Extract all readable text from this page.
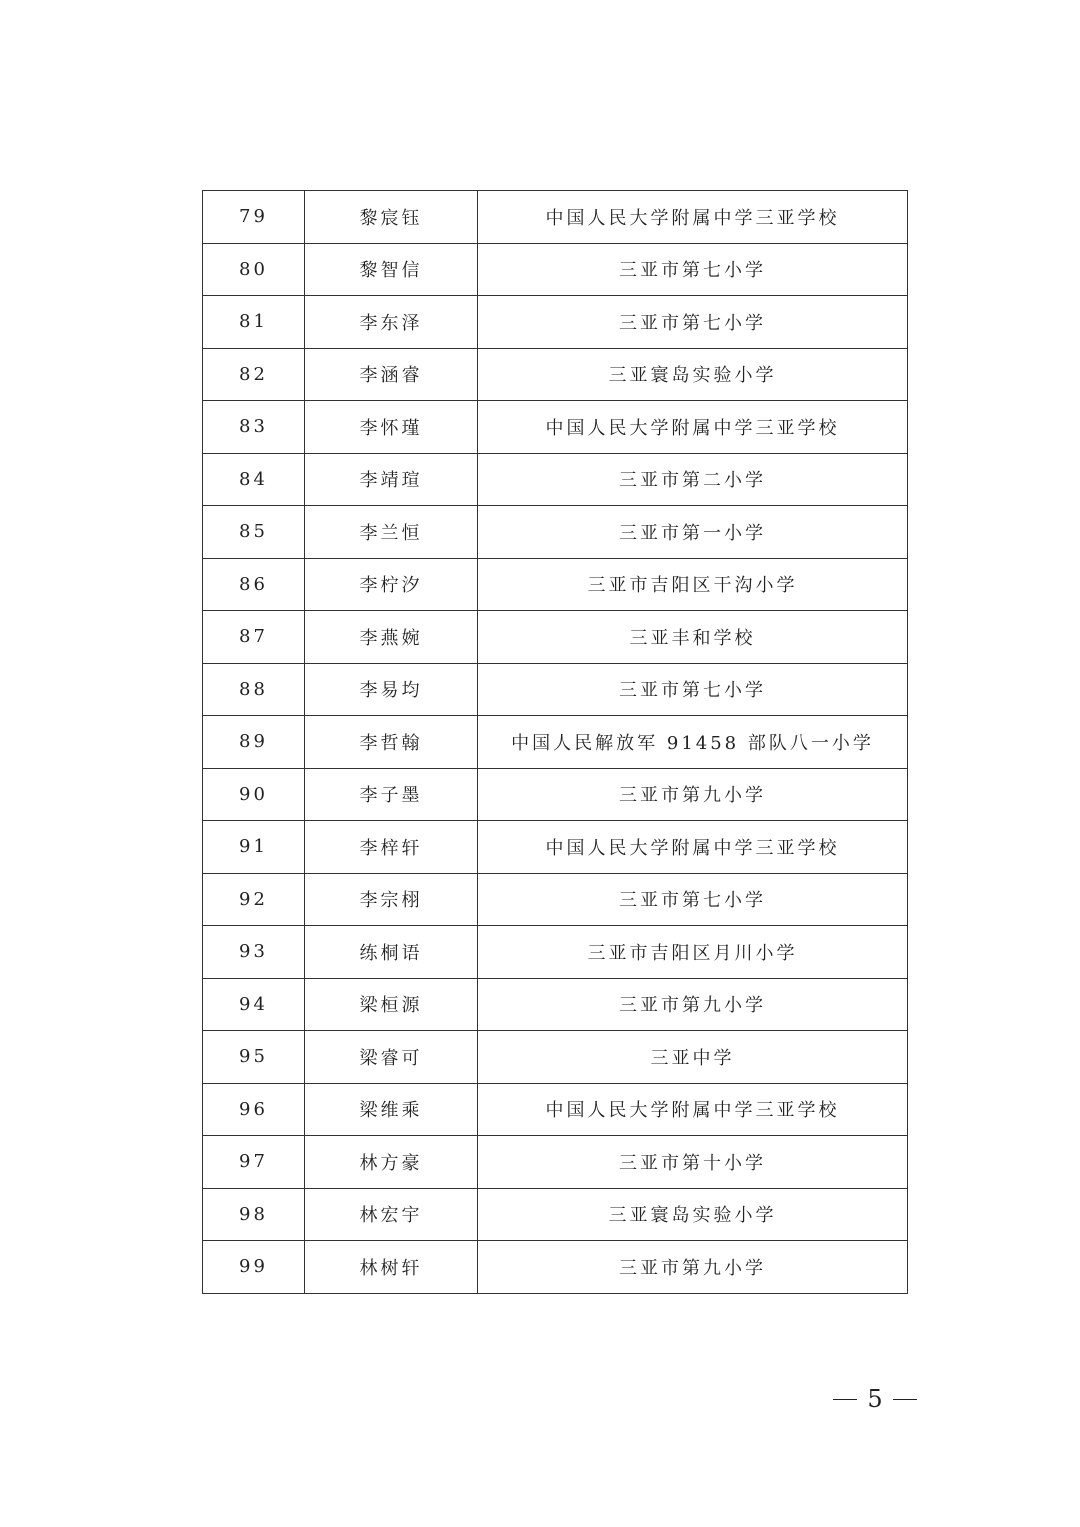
79	黎宸钰	中国人民大学附属中学三亚学校
80	黎智信	三亚市第七小学
81	李东泽	三亚市第七小学
82	李涵睿	三亚寰岛实验小学
83	李怀瑾	中国人民大学附属中学三亚学校
84	李靖瑄	三亚市第二小学
85	李兰恒	三亚市第一小学
86	李柠汐	三亚市吉阳区干沟小学
87	李燕婉	三亚丰和学校
88	李易均	三亚市第七小学
89	李哲翰	中国人民解放军 91458 部队八一小学
90	李子墨	三亚市第九小学
91	李梓轩	中国人民大学附属中学三亚学校
92	李宗栩	三亚市第七小学
93	练桐语	三亚市吉阳区月川小学
94	梁桓源	三亚市第九小学
95	梁睿可	三亚中学
96	梁维乘	中国人民大学附属中学三亚学校
97	林方豪	三亚市第十小学
98	林宏宇	三亚寰岛实验小学
99	林树轩	三亚市第九小学
5
